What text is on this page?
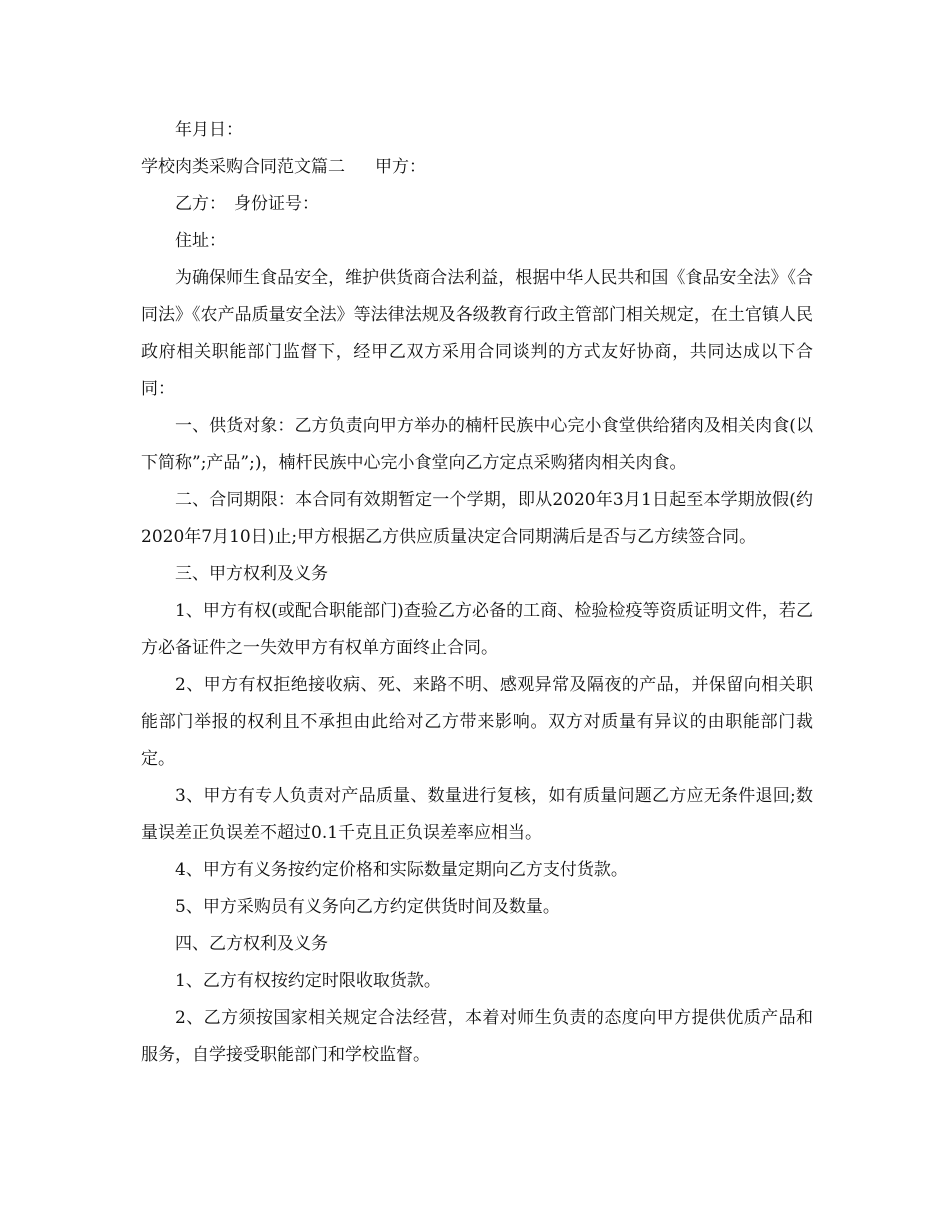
年月日：

学校肉类采购合同范文篇二 甲方：

乙方： 身份证号：

住址：

为确保师生食品安全，维护供货商合法利益，根据中华人民共和国《食品安全法》《合同法》《农产品质量安全法》等法律法规及各级教育行政主管部门相关规定，在土官镇人民政府相关职能部门监督下，经甲乙双方采用合同谈判的方式友好协商，共同达成以下合同：

一、供货对象：乙方负责向甲方举办的楠杆民族中心完小食堂供给猪肉及相关肉食(以下简称”;产品”;)，楠杆民族中心完小食堂向乙方定点采购猪肉相关肉食。

二、合同期限：本合同有效期暂定一个学期，即从2020年3月1日起至本学期放假(约2020年7月10日)止;甲方根据乙方供应质量决定合同期满后是否与乙方续签合同。

三、甲方权利及义务

1、甲方有权(或配合职能部门)查验乙方必备的工商、检验检疫等资质证明文件，若乙方必备证件之一失效甲方有权单方面终止合同。

2、甲方有权拒绝接收病、死、来路不明、感观异常及隔夜的产品，并保留向相关职能部门举报的权利且不承担由此给对乙方带来影响。双方对质量有异议的由职能部门裁定。

3、甲方有专人负责对产品质量、数量进行复核，如有质量问题乙方应无条件退回;数量误差正负误差不超过0.1千克且正负误差率应相当。

4、甲方有义务按约定价格和实际数量定期向乙方支付货款。

5、甲方采购员有义务向乙方约定供货时间及数量。

四、乙方权利及义务

1、乙方有权按约定时限收取货款。

2、乙方须按国家相关规定合法经营，本着对师生负责的态度向甲方提供优质产品和服务，自学接受职能部门和学校监督。
